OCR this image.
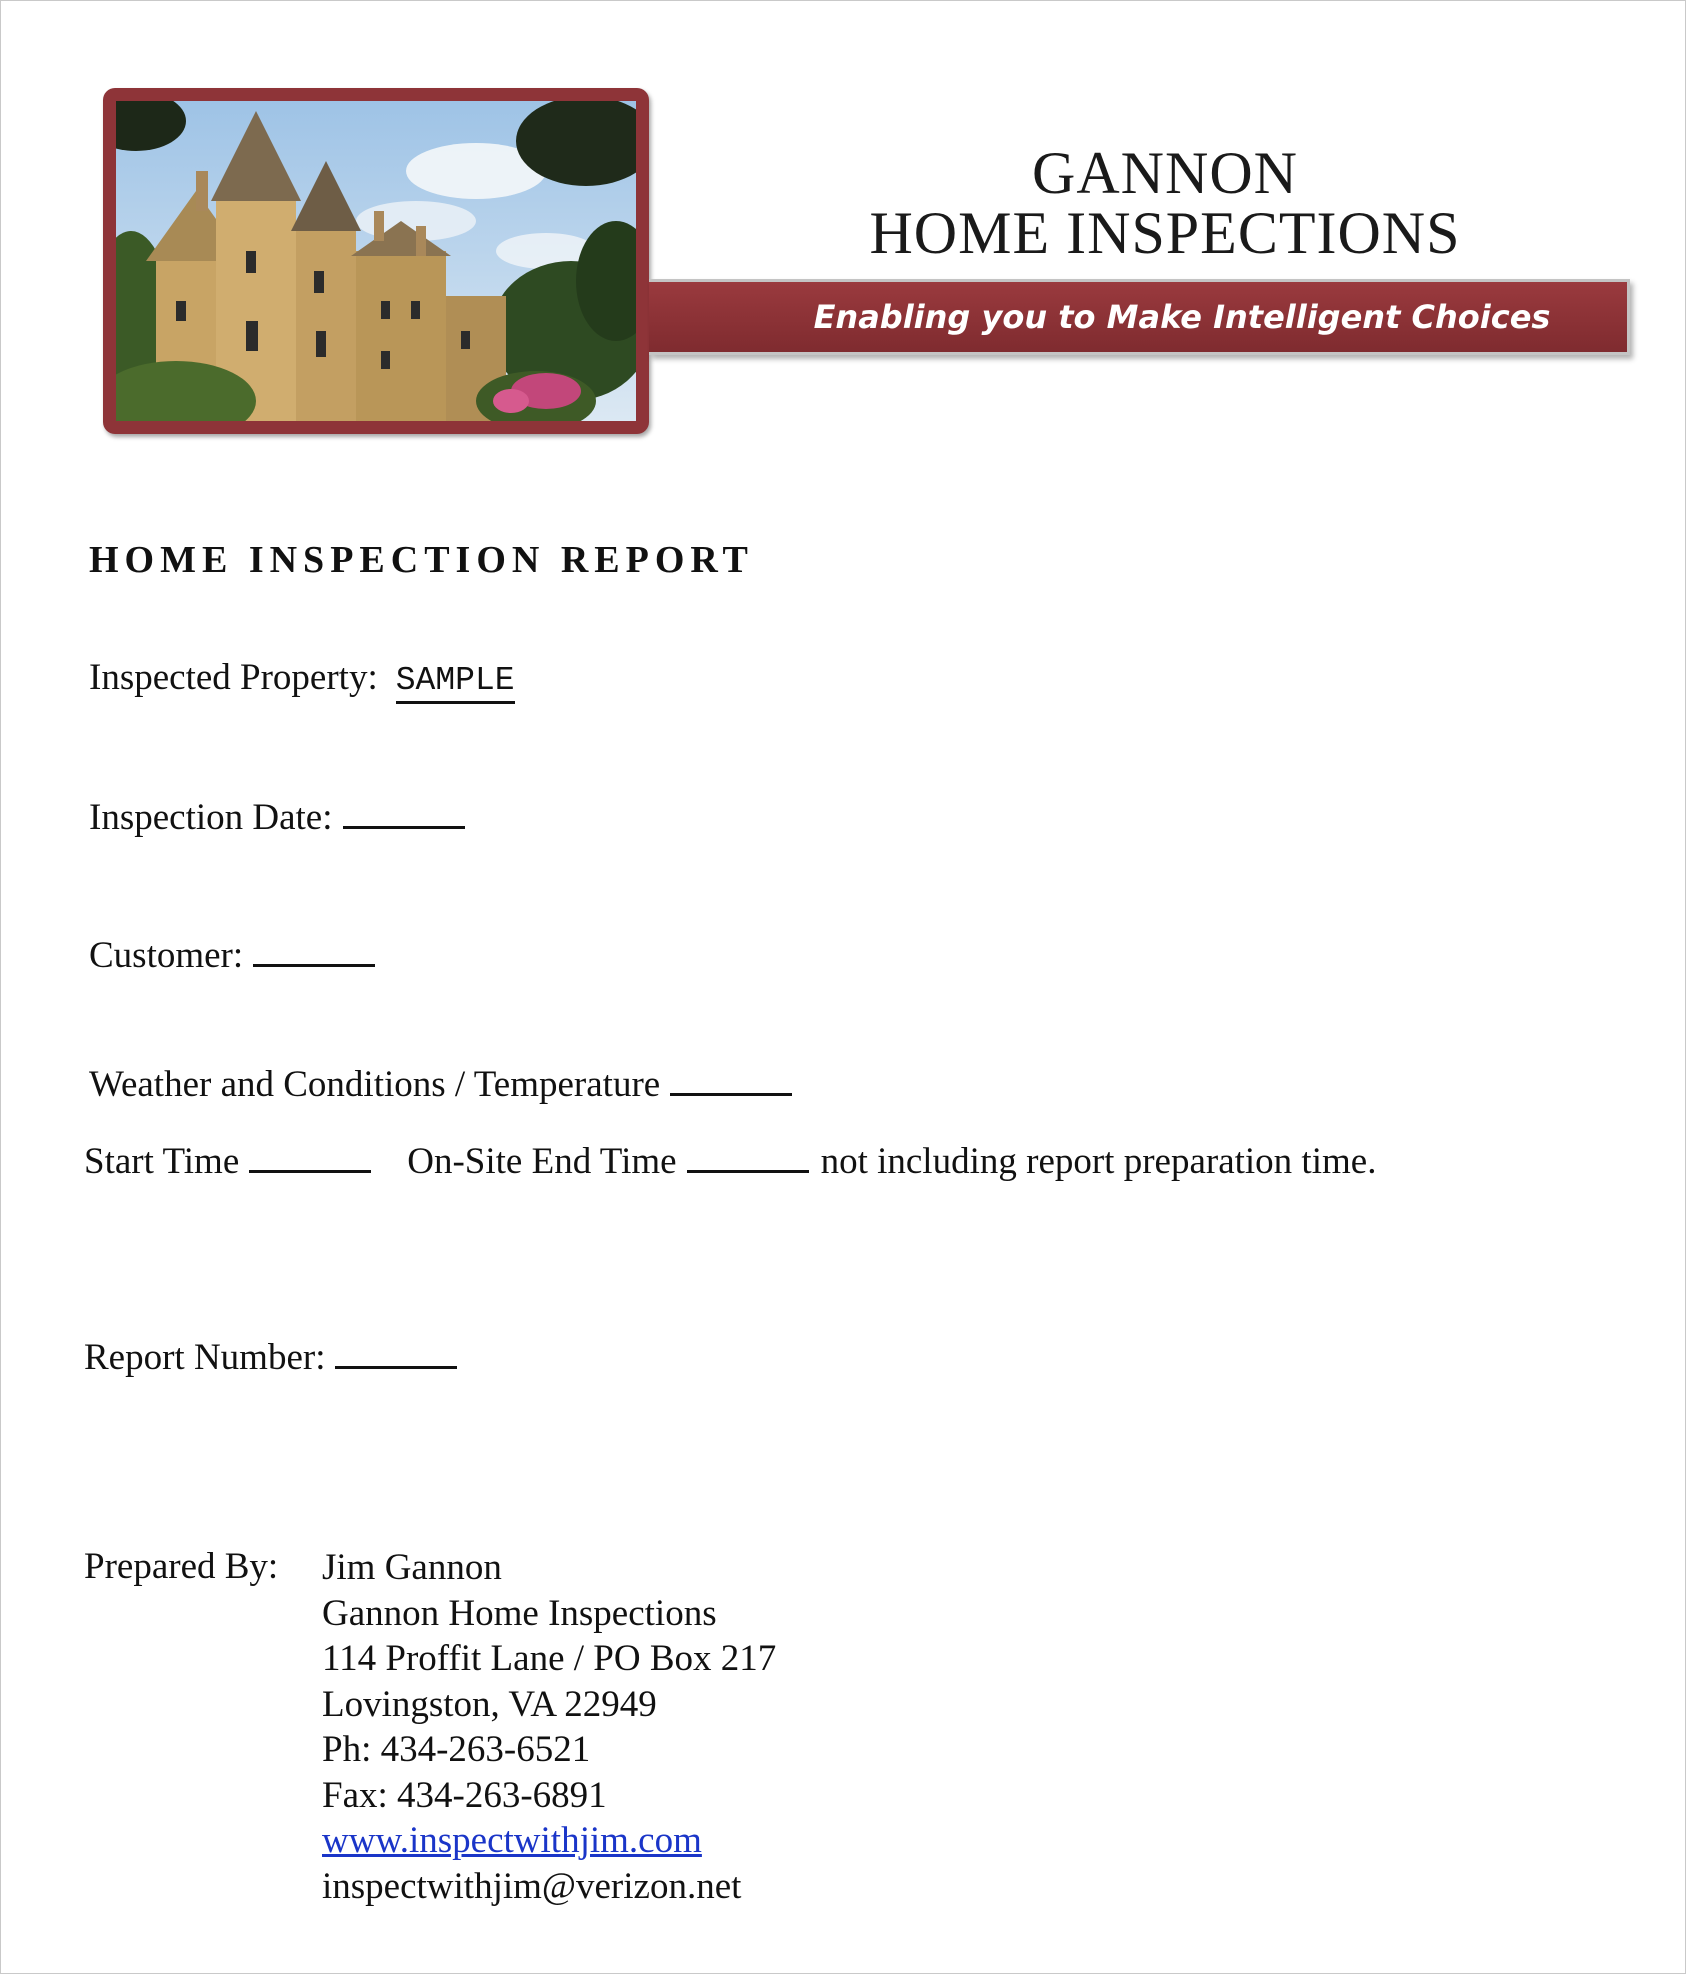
GANNON
HOME INSPECTIONS
Enabling you to Make Intelligent Choices
HOME INSPECTION REPORT
Inspected Property: SAMPLE
Inspection Date:
Customer:
Weather and Conditions / Temperature
Start Time	On-Site End Time	not including report preparation time.
Report Number:
Prepared By: Jim Gannon
Gannon Home Inspections
114 Proffit Lane / PO Box 217
Lovingston, VA 22949
Ph: 434-263-6521
Fax: 434-263-6891
www.inspectwithjim.com
inspectwithjim@verizon.net
